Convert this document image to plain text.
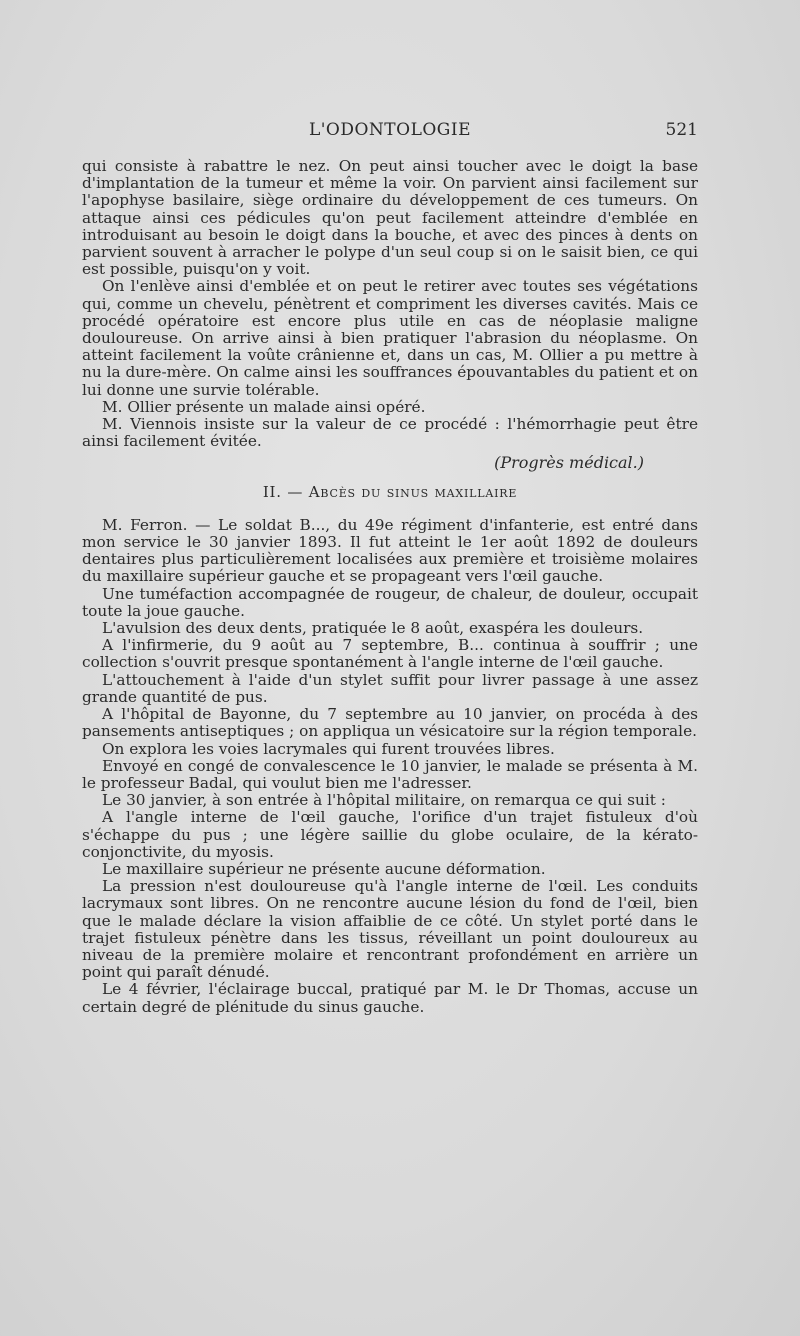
L'ODONTOLOGIE	521

qui consiste à rabattre le nez. On peut ainsi toucher avec le doigt la base d'implantation de la tumeur et même la voir. On parvient ainsi facilement sur l'apophyse basilaire, siège ordinaire du développement de ces tumeurs. On attaque ainsi ces pédicules qu'on peut facilement atteindre d'emblée en introduisant au besoin le doigt dans la bouche, et avec des pinces à dents on parvient souvent à arracher le polype d'un seul coup si on le saisit bien, ce qui est possible, puisqu'on y voit.

On l'enlève ainsi d'emblée et on peut le retirer avec toutes ses végétations qui, comme un chevelu, pénètrent et compriment les diverses cavités. Mais ce procédé opératoire est encore plus utile en cas de néoplasie maligne douloureuse. On arrive ainsi à bien pratiquer l'abrasion du néoplasme. On atteint facilement la voûte crânienne et, dans un cas, M. Ollier a pu mettre à nu la dure-mère. On calme ainsi les souffrances épouvantables du patient et on lui donne une survie tolérable.

M. Ollier présente un malade ainsi opéré.

M. Viennois insiste sur la valeur de ce procédé : l'hémorrhagie peut être ainsi facilement évitée.

(Progrès médical.)

II. — Abcès du sinus maxillaire

M. Ferron. — Le soldat B..., du 49e régiment d'infanterie, est entré dans mon service le 30 janvier 1893. Il fut atteint le 1er août 1892 de douleurs dentaires plus particulièrement localisées aux première et troisième molaires du maxillaire supérieur gauche et se propageant vers l'œil gauche.

Une tuméfaction accompagnée de rougeur, de chaleur, de douleur, occupait toute la joue gauche.

L'avulsion des deux dents, pratiquée le 8 août, exaspéra les douleurs.

A l'infirmerie, du 9 août au 7 septembre, B... continua à souffrir ; une collection s'ouvrit presque spontanément à l'angle interne de l'œil gauche.

L'attouchement à l'aide d'un stylet suffit pour livrer passage à une assez grande quantité de pus.

A l'hôpital de Bayonne, du 7 septembre au 10 janvier, on procéda à des pansements antiseptiques ; on appliqua un vésicatoire sur la région temporale.

On explora les voies lacrymales qui furent trouvées libres.

Envoyé en congé de convalescence le 10 janvier, le malade se présenta à M. le professeur Badal, qui voulut bien me l'adresser.

Le 30 janvier, à son entrée à l'hôpital militaire, on remarqua ce qui suit :

A l'angle interne de l'œil gauche, l'orifice d'un trajet fistuleux d'où s'échappe du pus ; une légère saillie du globe oculaire, de la kérato-conjonctivite, du myosis.

Le maxillaire supérieur ne présente aucune déformation.

La pression n'est douloureuse qu'à l'angle interne de l'œil. Les conduits lacrymaux sont libres. On ne rencontre aucune lésion du fond de l'œil, bien que le malade déclare la vision affaiblie de ce côté. Un stylet porté dans le trajet fistuleux pénètre dans les tissus, réveillant un point douloureux au niveau de la première molaire et rencontrant profondément en arrière un point qui paraît dénudé.

Le 4 février, l'éclairage buccal, pratiqué par M. le Dr Thomas, accuse un certain degré de plénitude du sinus gauche.
